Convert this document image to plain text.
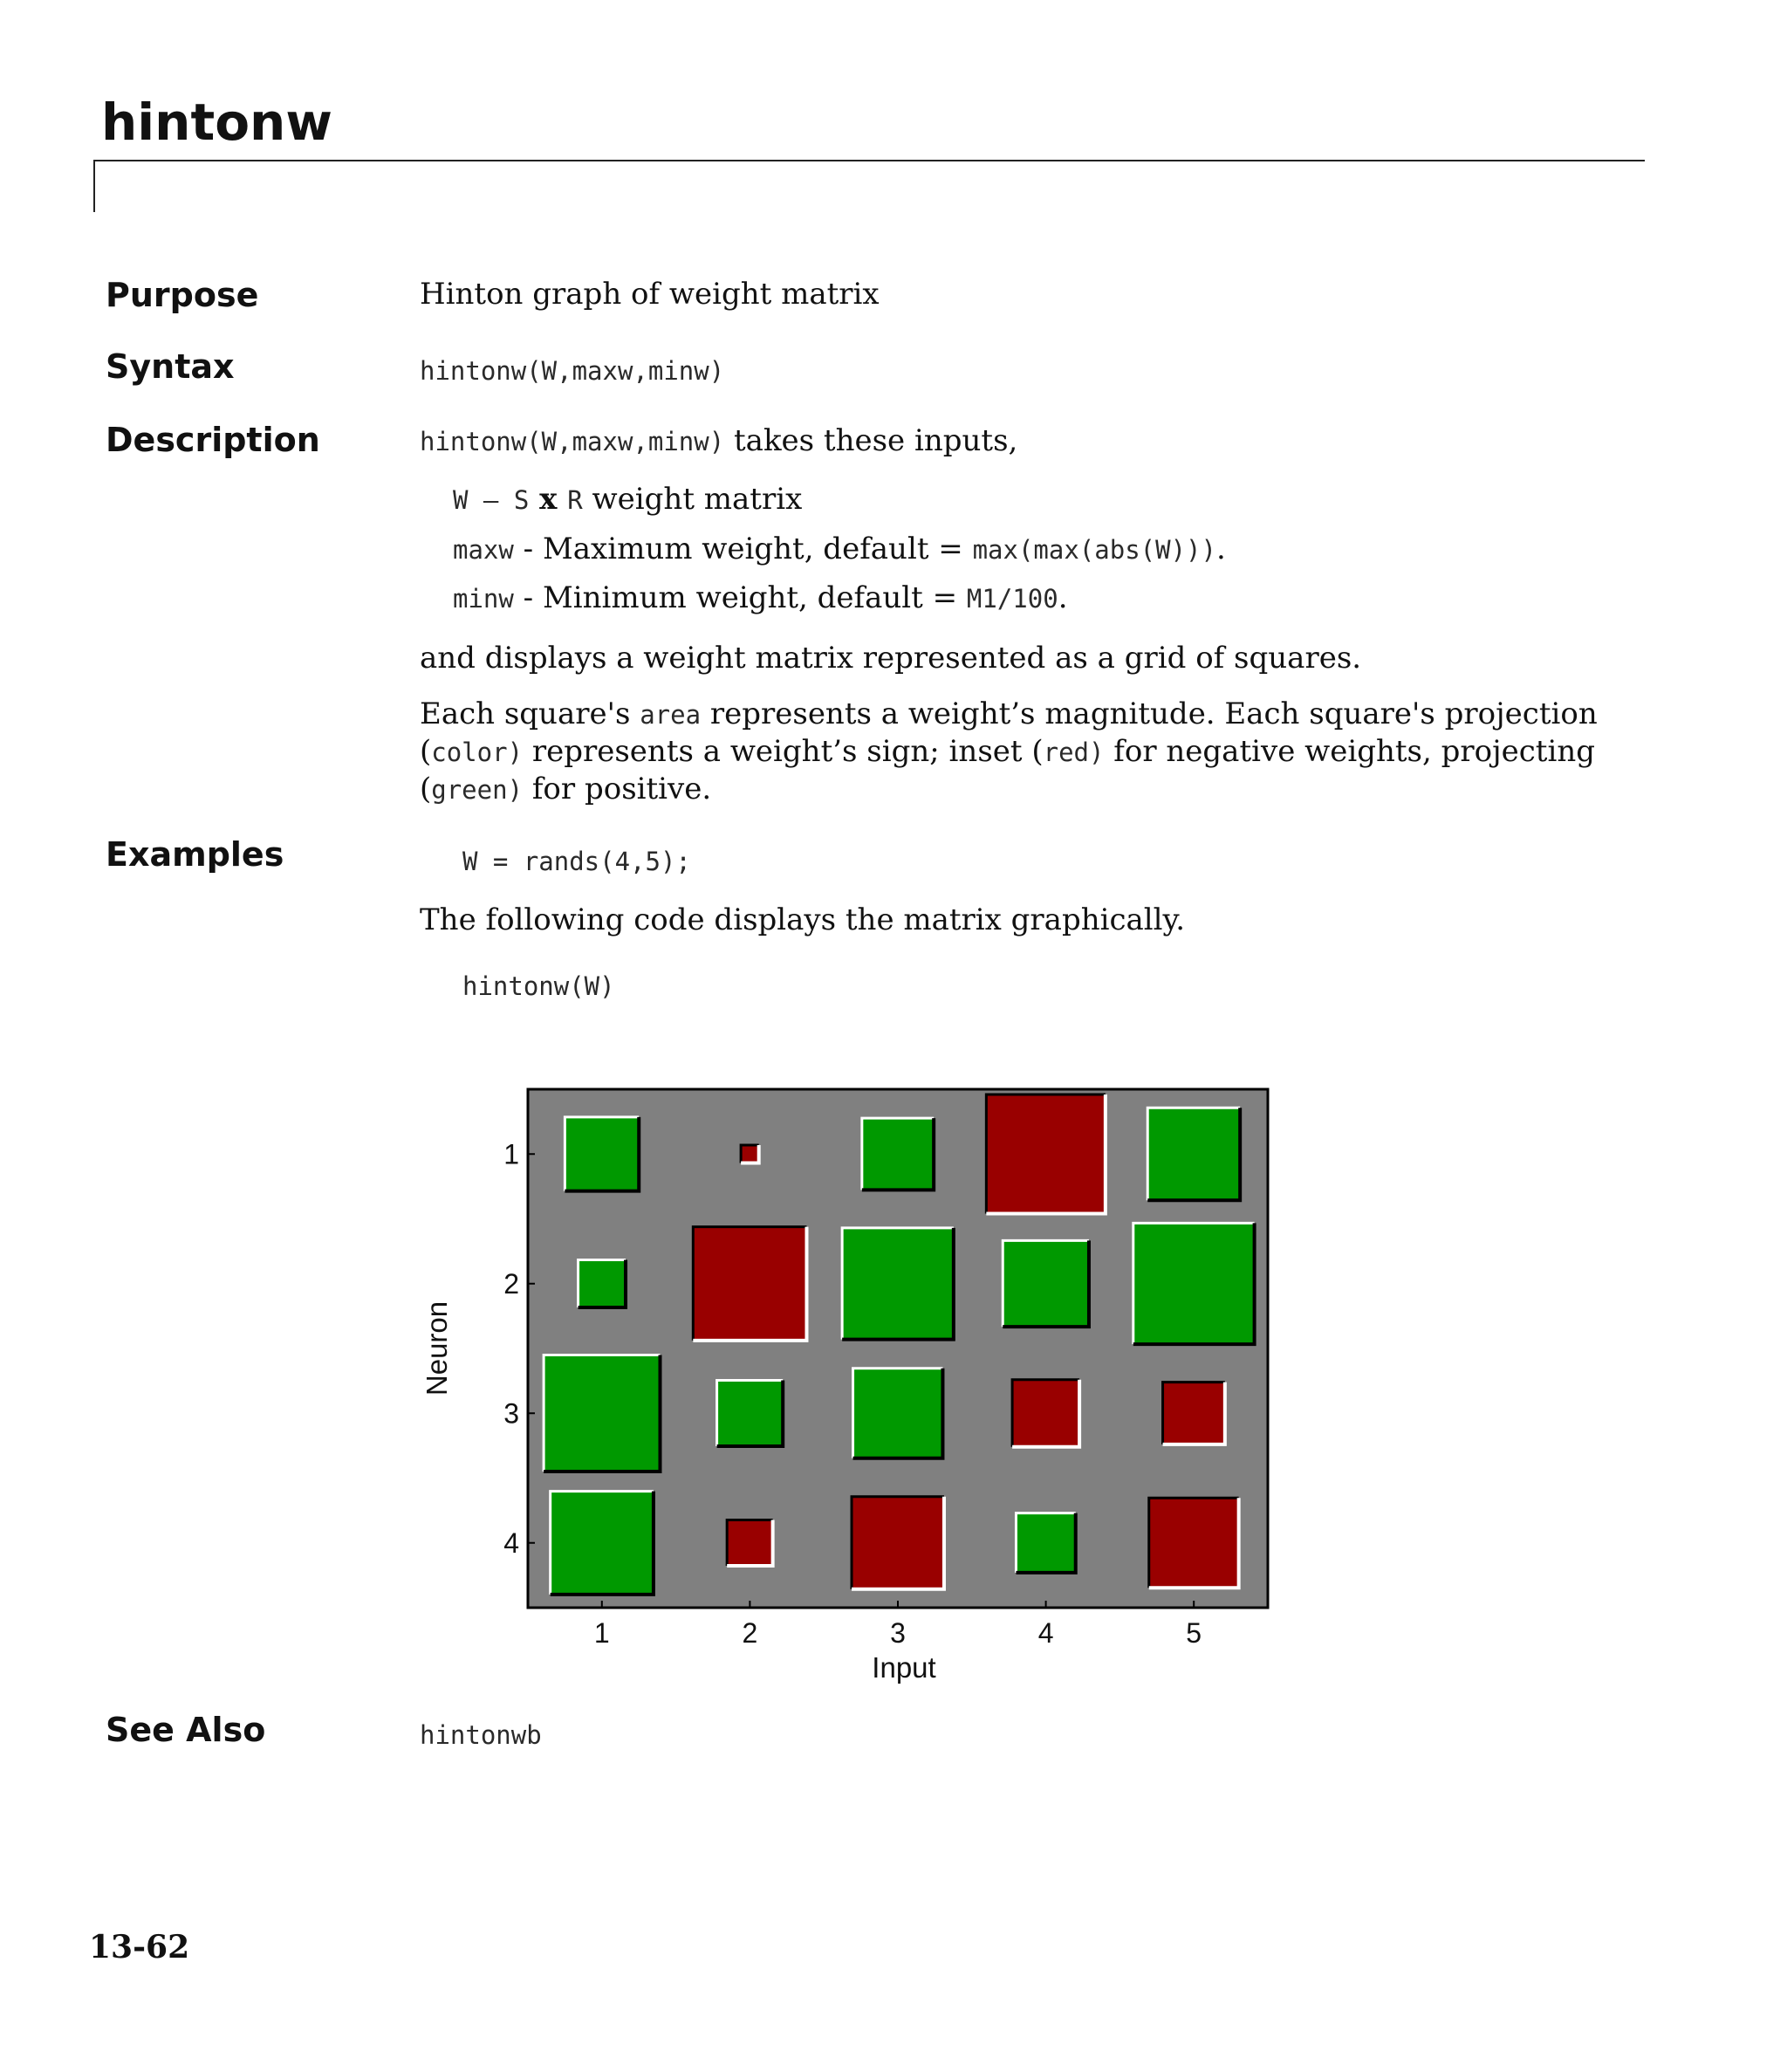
hintonw
Purpose	Hinton graph of weight matrix
Syntax	hintonw(W,maxw,minw)
Description	hintonw(W,maxw,minw) takes these inputs,
W – S x R weight matrix
maxw - Maximum weight, default = max(max(abs(W))).
minw - Minimum weight, default = M1/100.
and displays a weight matrix represented as a grid of squares.
Each square's area represents a weight’s magnitude. Each square's projection (color) represents a weight’s sign; inset (red) for negative weights, projecting (green) for positive.
Examples	W = rands(4,5);
The following code displays the matrix graphically.
hintonw(W)
1	2	3	4	5
1
2
3
4
Input
Neuron
See Also	hintonwb
13-62
